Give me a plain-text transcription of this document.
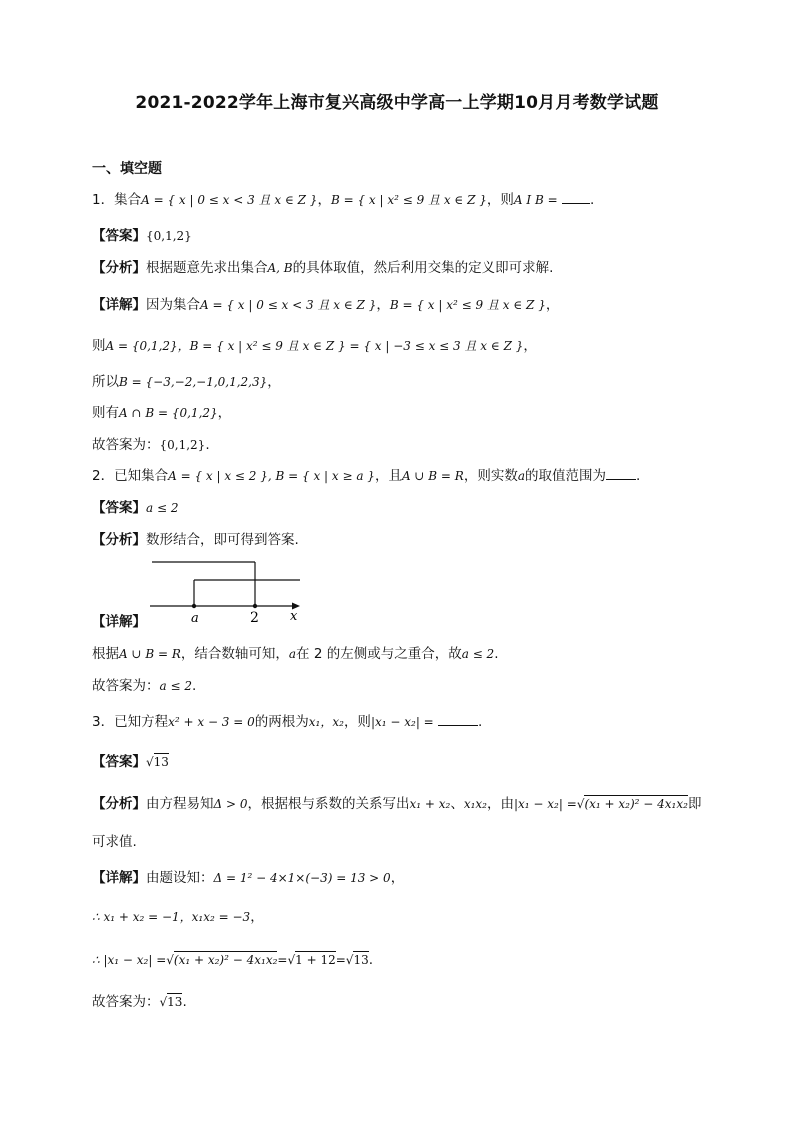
2021-2022学年上海市复兴高级中学高一上学期10月月考数学试题
一、填空题
1．集合A = { x | 0 ≤ x < 3 且 x ∈ Z }，B = { x | x² ≤ 9 且 x ∈ Z }，则A I B = .
【答案】{0,1,2}
【分析】根据题意先求出集合A, B的具体取值，然后利用交集的定义即可求解.
【详解】因为集合A = { x | 0 ≤ x < 3 且 x ∈ Z }，B = { x | x² ≤ 9 且 x ∈ Z }，
则A = {0,1,2}，B = { x | x² ≤ 9 且 x ∈ Z } = { x | −3 ≤ x ≤ 3 且 x ∈ Z }，
所以B = {−3,−2,−1,0,1,2,3}，
则有A ∩ B = {0,1,2}，
故答案为：{0,1,2}.
2．已知集合A = { x | x ≤ 2 }, B = { x | x ≥ a }，且A ∪ B = R，则实数a的取值范围为 .
【答案】a ≤ 2
【分析】数形结合，即可得到答案.
a	2 x
【详解】
根据A ∪ B = R，结合数轴可知，a在 2 的左侧或与之重合，故a ≤ 2.
故答案为：a ≤ 2.
3．已知方程x² + x − 3 = 0的两根为x₁，x₂，则|x₁ − x₂| =	.
【答案】√13
【分析】由方程易知Δ > 0，根据根与系数的关系写出x₁ + x₂、x₁x₂，由|x₁ − x₂| =√(x₁ + x₂)² − 4x₁x₂即
可求值.
【详解】由题设知：Δ = 1² − 4×1×(−3) = 13 > 0，
∴ x₁ + x₂ = −1，x₁x₂ = −3，
∴ |x₁ − x₂| =√(x₁ + x₂)² − 4x₁x₂=√1 + 12=√13.
故答案为：√13.
